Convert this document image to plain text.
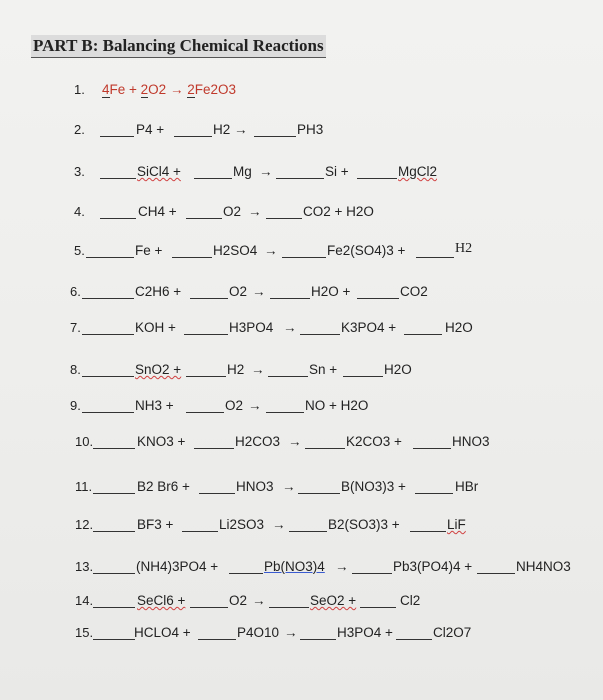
PART B: Balancing Chemical Reactions
1. 4Fe + 2O2 → 2Fe2O3
2.	P4 +	H2 →	PH3
3.	SiCl4 +	Mg →	Si +	MgCl2
4.	CH4 +	O2 →	CO2 + H2O
5.	Fe +	H2SO4 →	Fe2(SO4)3 +	H2
6.	C2H6 +	O2 →	H2O +	CO2
7.	KOH +	H3PO4 →	K3PO4 +	H2O
8.	SnO2 +	H2 →	Sn +	H2O
9.	NH3 +	O2 →	NO + H2O
10.	KNO3 +	H2CO3 →	K2CO3 +	HNO3
11.	B2 Br6 +	HNO3 →	B(NO3)3 +	HBr
12.	BF3 +	Li2SO3 →	B2(SO3)3 +	LiF
13.	(NH4)3PO4 +	Pb(NO3)4 →	Pb3(PO4)4 +	NH4NO3
14.	SeCl6 +	O2 →	SeO2 +	Cl2
15.	HCLO4 +	P4O10 →	H3PO4 +	Cl2O7
